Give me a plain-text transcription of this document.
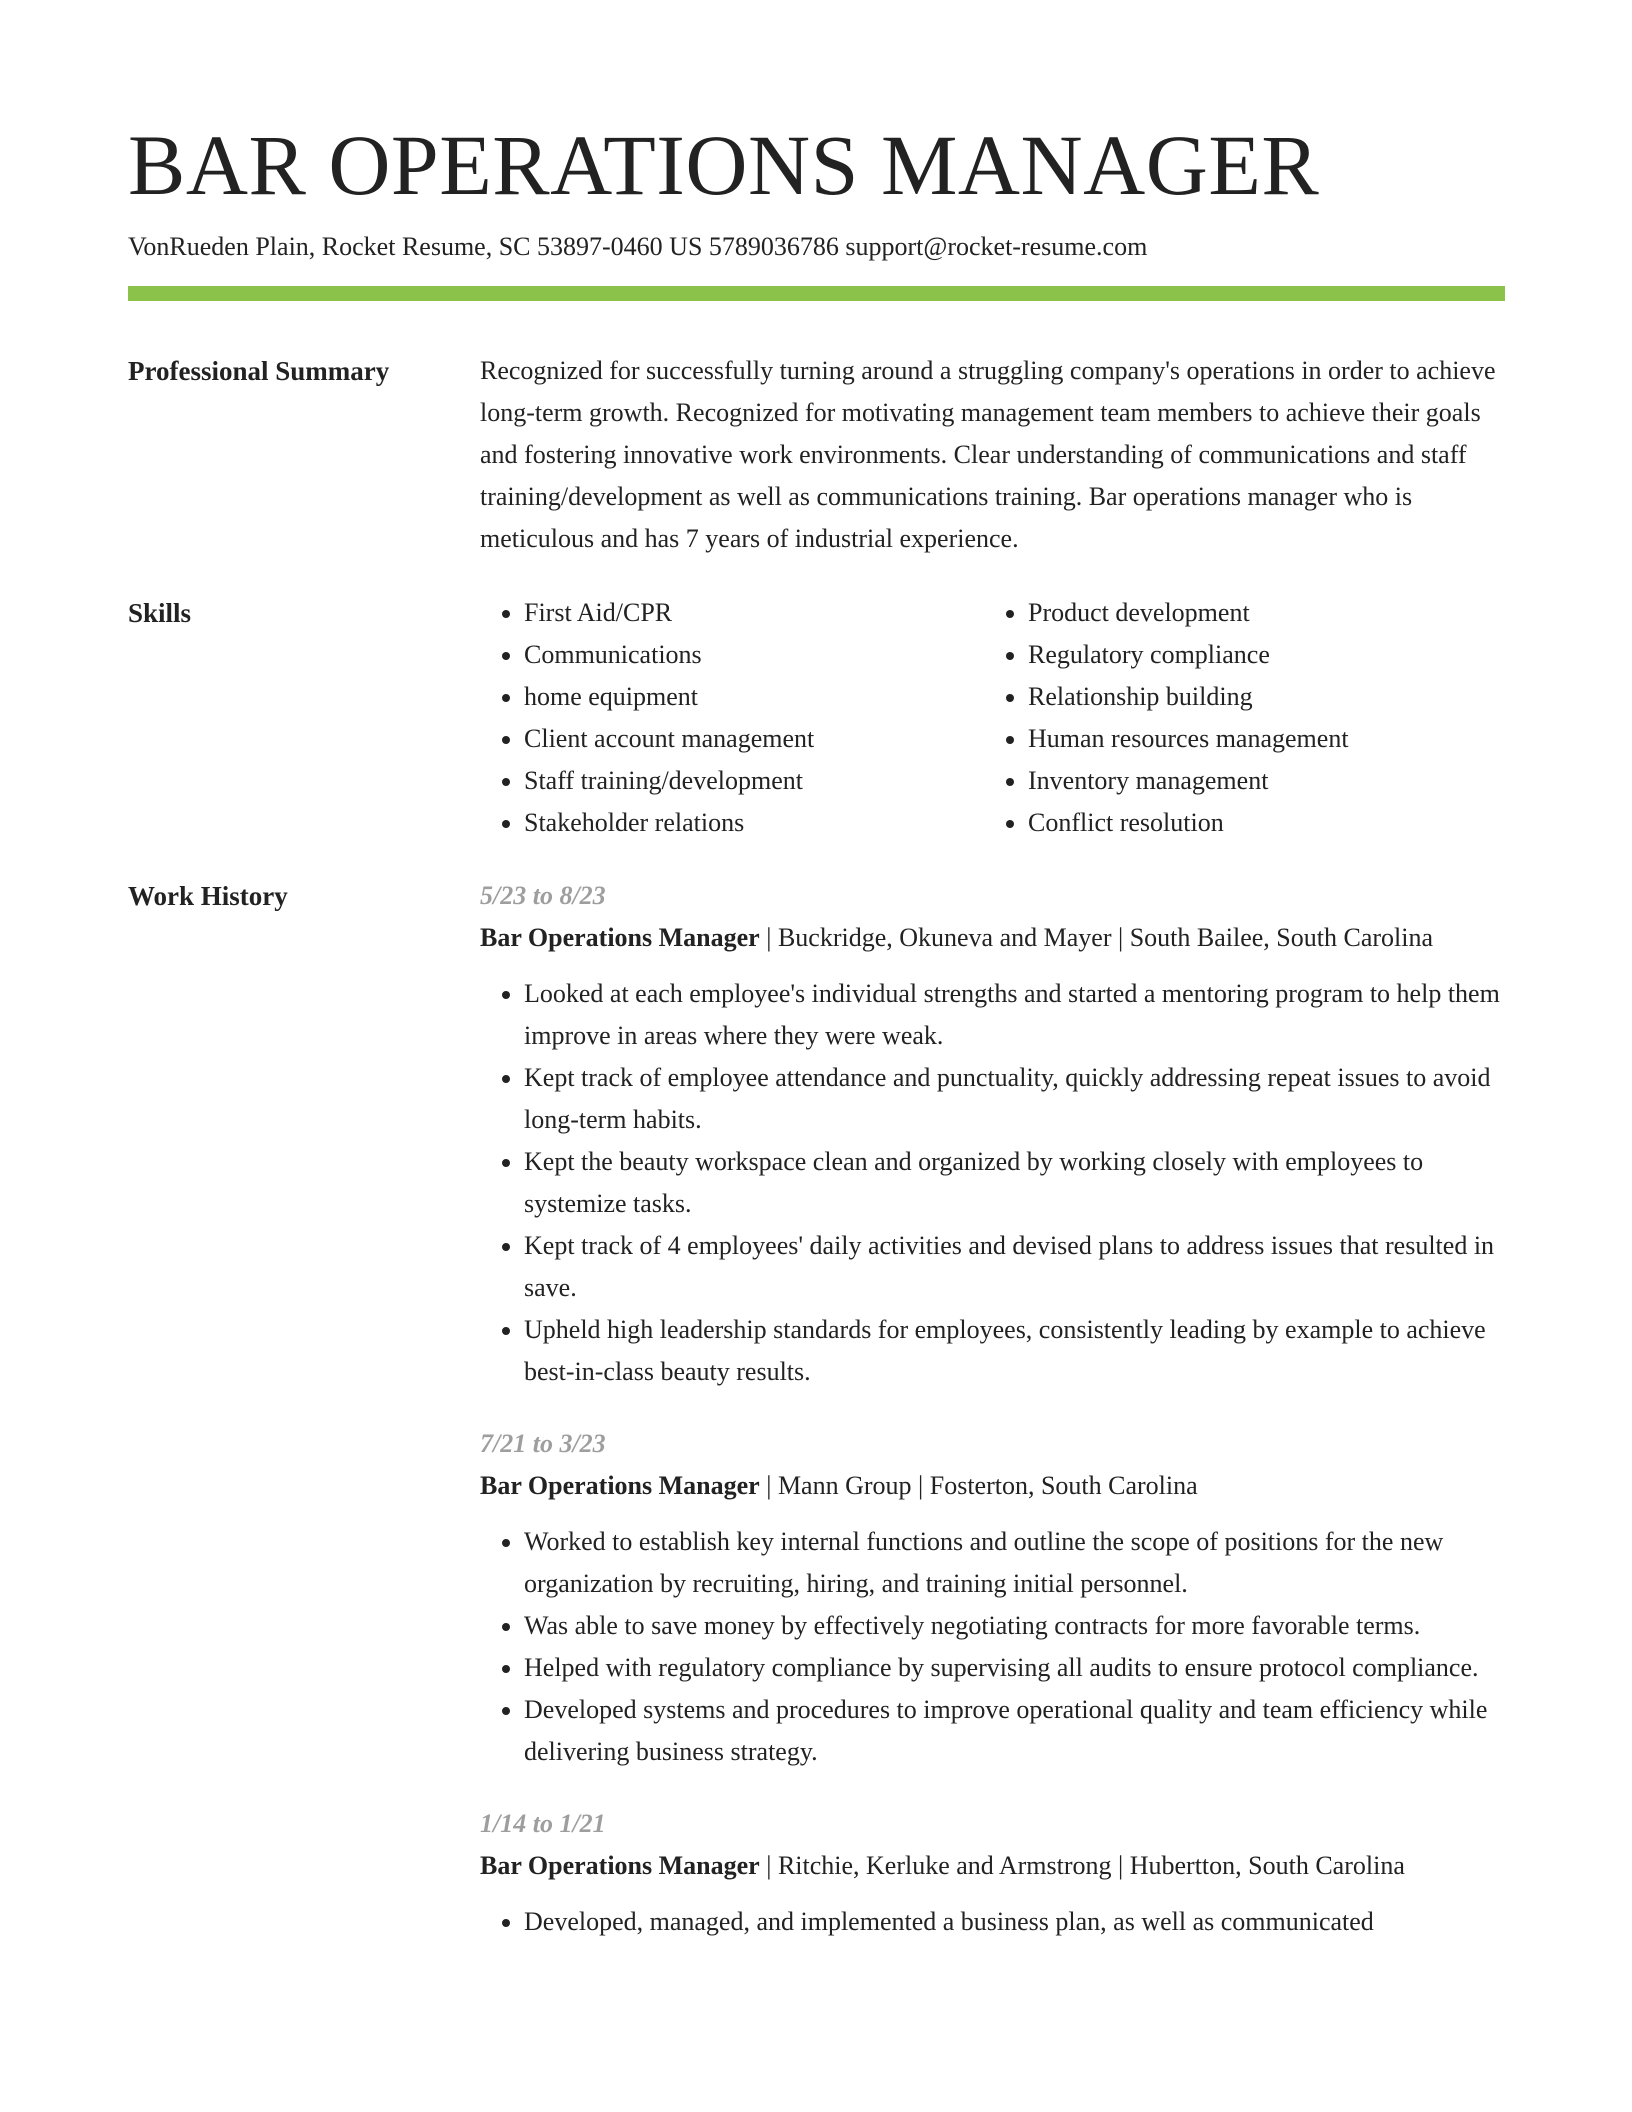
BAR OPERATIONS MANAGER
VonRueden Plain, Rocket Resume, SC 53897-0460 US 5789036786 support@rocket-resume.com
Professional Summary	Recognized for successfully turning around a struggling company's operations in order to achieve long-term growth. Recognized for motivating management team members to achieve their goals and fostering innovative work environments. Clear understanding of communications and staff training/development as well as communications training. Bar operations manager who is meticulous and has 7 years of industrial experience.

Skills
•	First Aid/CPR
• Communications
• home equipment
• Client account management
• Staff training/development
• Stakeholder relations
• Product development
• Regulatory compliance
• Relationship building
• Human resources management
• Inventory management
• Conflict resolution
Work History	5/23 to 8/23
Bar Operations Manager | Buckridge, Okuneva and Mayer | South Bailee, South Carolina
• Looked at each employee's individual strengths and started a mentoring program to help them improve in areas where they were weak.
• Kept track of employee attendance and punctuality, quickly addressing repeat issues to avoid long-term habits.
• Kept the beauty workspace clean and organized by working closely with employees to systemize tasks.
• Kept track of 4 employees' daily activities and devised plans to address issues that resulted in save.
• Upheld high leadership standards for employees, consistently leading by example to achieve best-in-class beauty results.
7/21 to 3/23
Bar Operations Manager | Mann Group | Fosterton, South Carolina
• Worked to establish key internal functions and outline the scope of positions for the new organization by recruiting, hiring, and training initial personnel.
• Was able to save money by effectively negotiating contracts for more favorable terms.
• Helped with regulatory compliance by supervising all audits to ensure protocol compliance.
• Developed systems and procedures to improve operational quality and team efficiency while delivering business strategy.
1/14 to 1/21
Bar Operations Manager | Ritchie, Kerluke and Armstrong | Hubertton, South Carolina
• Developed, managed, and implemented a business plan, as well as communicated
